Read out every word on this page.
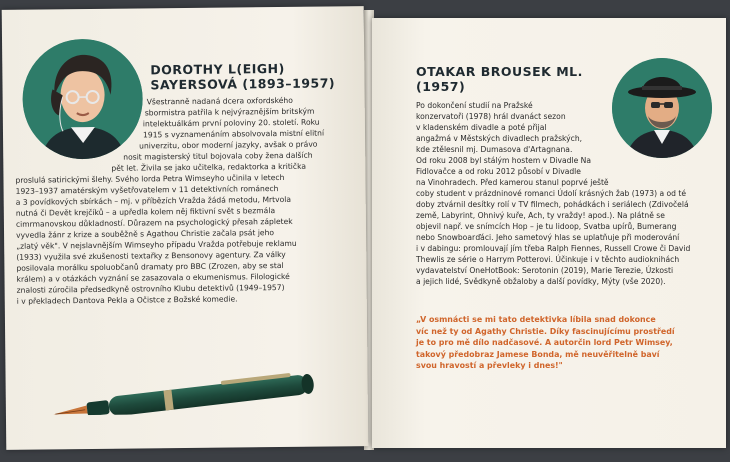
DOROTHY L(EIGH)
SAYERSOVÁ (1893–1957)

Všestranně nadaná dcera oxfordského

sbormistra patřila k nejvýraznějším britským

intelektuálkám první poloviny 20. století. Roku

1915 s vyznamenáním absolvovala mistní elitní

univerzitu, obor moderní jazyky, avšak o právo

nosit magisterský titul bojovala coby žena dalších

pět let. Živila se jako učitelka, redaktorka a kritička

proslulá satirickými šlehy. Svého lorda Petra Wimseyho učinila v letech

1923–1937 amatérským vyšetřovatelem v 11 detektivních románech

a 3 povídkových sbírkách – mj. v příbězích Vražda žádá metodu, Mrtvola

nutná či Devět krejčíků – a upředla kolem něj fiktivní svět s bezmála

cimrmanovskou důkladností. Důrazem na psychologický přesah zápletek

vyvedla žánr z krize a souběžně s Agathou Christie začala psát jeho

„zlatý věk". V nejslavnějším Wimseyho případu Vražda potřebuje reklamu

(1933) využila své zkušenosti textařky z Bensonovy agentury. Za války

posilovala morálku spoluobčanů dramaty pro BBC (Zrozen, aby se stal

králem) a v otázkách vyznání se zasazovala o ekumenismus. Filologické

znalosti zúročila předsedkyně ostrovního Klubu detektivů (1949–1957)

i v překladech Dantova Pekla a Očistce z Božské komedie.

OTAKAR BROUSEK ML.
(1957)

Po dokončení studií na Pražské

konzervatoři (1978) hrál dvanáct sezon

v kladenském divadle a poté přijal

angažmá v Městských divadlech pražských,

kde ztělesnil mj. Dumasova d'Artagnana.

Od roku 2008 byl stálým hostem v Divadle Na

Fidlovačce a od roku 2012 působí v Divadle

na Vinohradech. Před kamerou stanul poprvé ještě

coby student v prázdninové romanci Údolí krásných žab (1973) a od té

doby ztvárnil desítky rolí v TV filmech, pohádkách i seriálech (Zdivočelá

země, Labyrint, Ohnivý kuře, Ach, ty vraždy! apod.). Na plátně se

objevil např. ve snímcích Hop – je tu lidoop, Svatba upírů, Bumerang

nebo Snowboarďáci. Jeho sametový hlas se uplatňuje při moderování

i v dabingu: promlouvají jím třeba Ralph Fiennes, Russell Crowe či David

Thewlis ze série o Harrym Potterovi. Účinkuje i v těchto audioknihách

vydavatelství OneHotBook: Serotonin (2019), Marie Terezie, Úzkosti

a jejich lidé, Svědkyně obžaloby a další povídky, Mýty (vše 2020).

„V osmnácti se mi tato detektivka líbila snad dokonce

víc než ty od Agathy Christie. Díky fascinujícímu prostředí

je to pro mě dílo nadčasové. A autorčin lord Petr Wimsey,

takový předobraz Jamese Bonda, mě neuvěřitelně baví

svou hravostí a převleky i dnes!"
